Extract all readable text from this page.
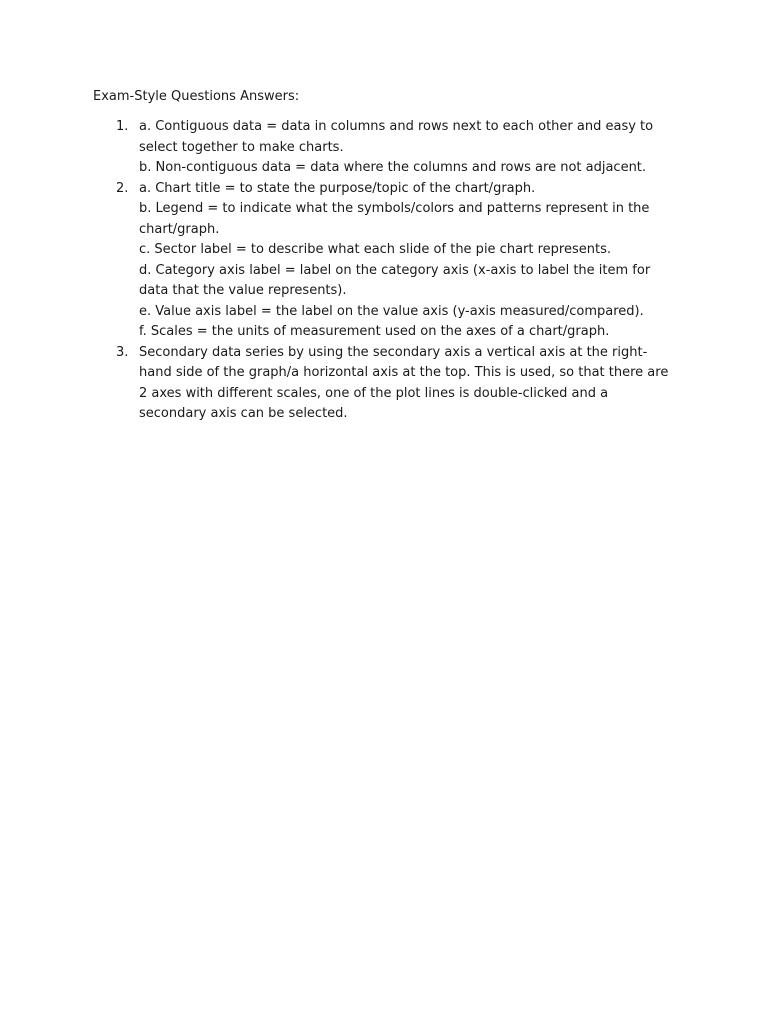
Exam-Style Questions Answers:
1. a. Contiguous data = data in columns and rows next to each other and easy to select together to make charts.
b. Non-contiguous data = data where the columns and rows are not adjacent.
2. a. Chart title = to state the purpose/topic of the chart/graph.
b. Legend = to indicate what the symbols/colors and patterns represent in the chart/graph.
c. Sector label = to describe what each slide of the pie chart represents.
d. Category axis label = label on the category axis (x-axis to label the item for data that the value represents).
e. Value axis label = the label on the value axis (y-axis measured/compared).
f. Scales = the units of measurement used on the axes of a chart/graph.
3. Secondary data series by using the secondary axis a vertical axis at the right-hand side of the graph/a horizontal axis at the top. This is used, so that there are 2 axes with different scales, one of the plot lines is double-clicked and a secondary axis can be selected.
